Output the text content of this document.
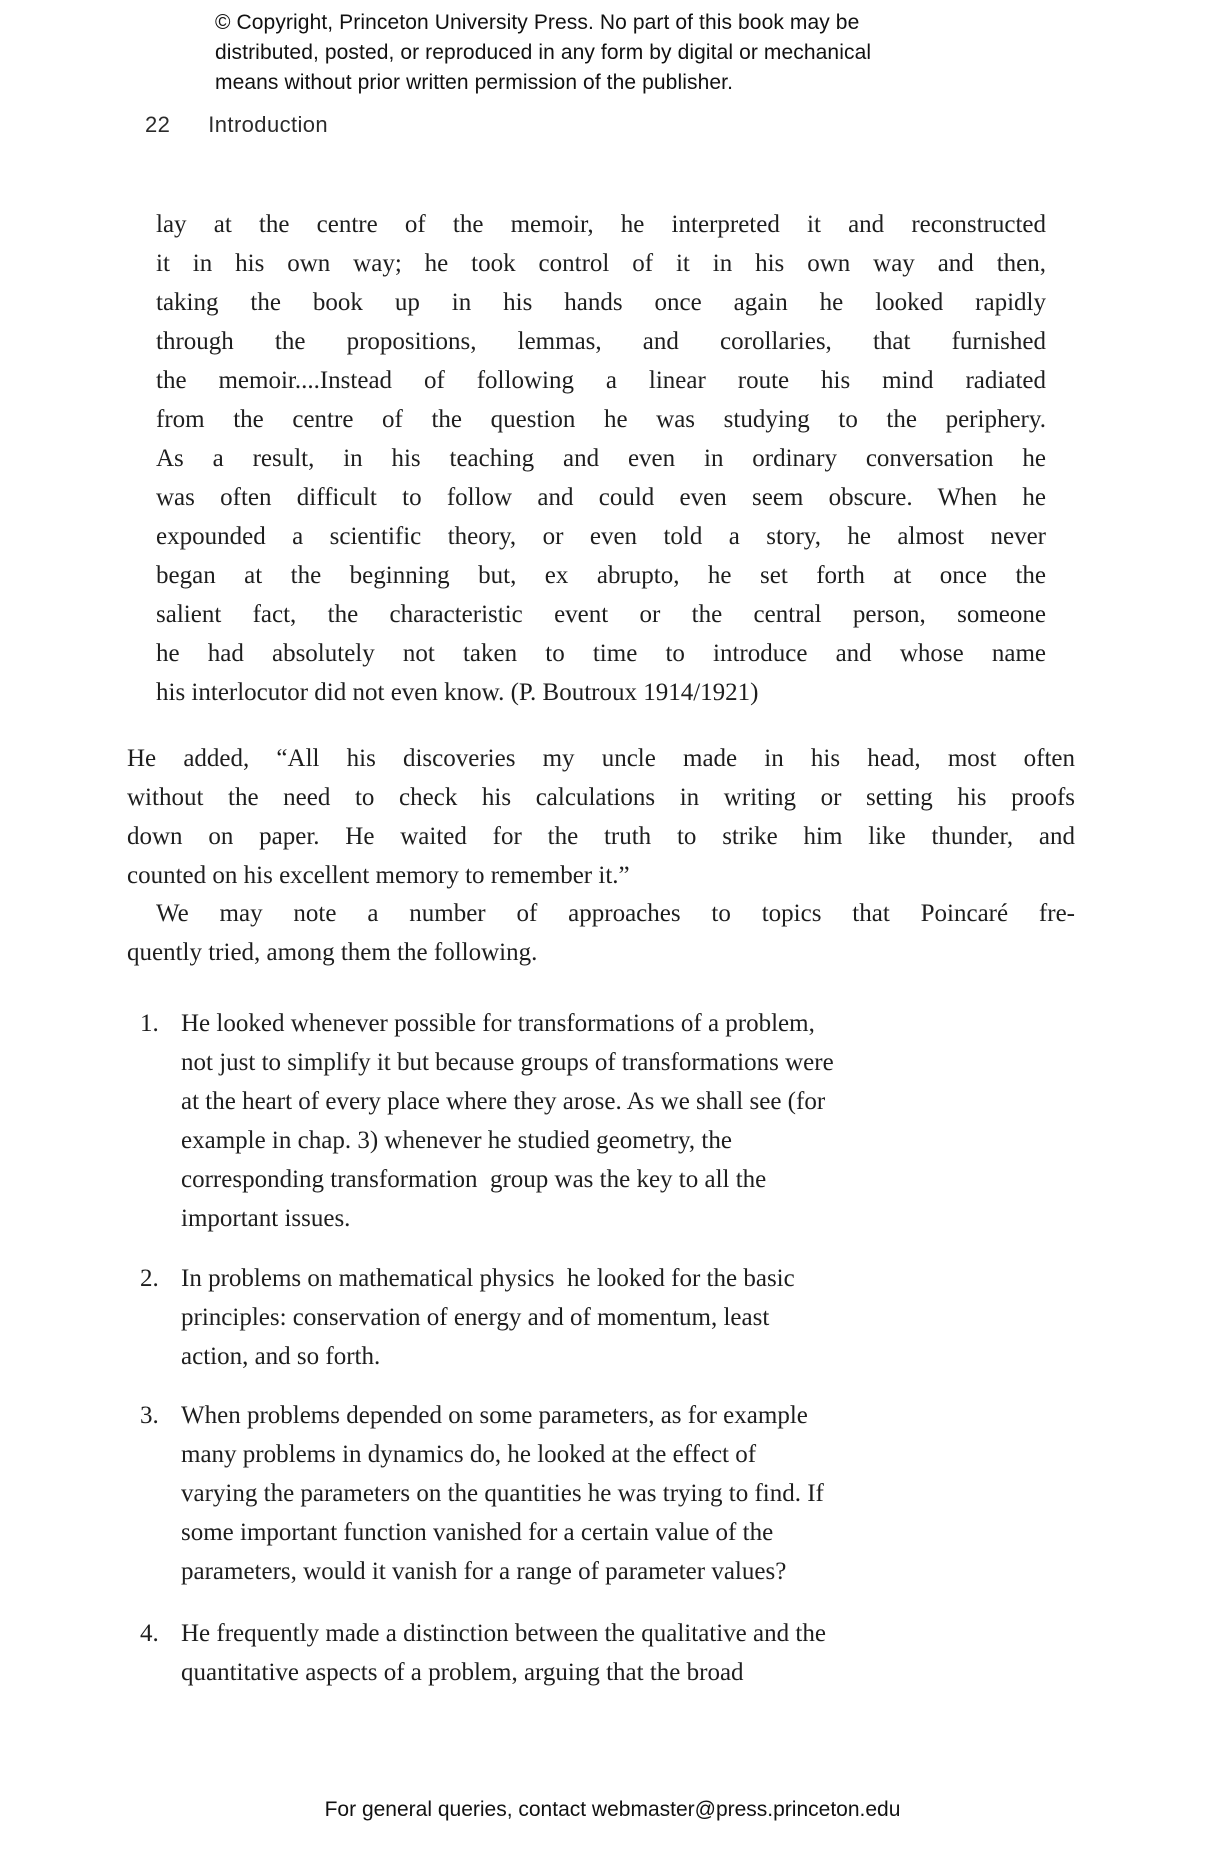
© Copyright, Princeton University Press. No part of this book may be
distributed, posted, or reproduced in any form by digital or mechanical
means without prior written permission of the publisher.
22 Introduction
lay at the centre of the memoir, he interpreted it and reconstructed
it in his own way; he took control of it in his own way and then,
taking the book up in his hands once again he looked rapidly
through the propositions, lemmas, and corollaries, that furnished
the memoir....Instead of following a linear route his mind radiated
from the centre of the question he was studying to the periphery.
As a result, in his teaching and even in ordinary conversation he
was often difficult to follow and could even seem obscure. When he
expounded a scientific theory, or even told a story, he almost never
began at the beginning but, ex abrupto, he set forth at once the
salient fact, the characteristic event or the central person, someone
he had absolutely not taken to time to introduce and whose name
his interlocutor did not even know. (P. Boutroux 1914/1921)
He added, “All his discoveries my uncle made in his head, most often
without the need to check his calculations in writing or setting his proofs
down on paper. He waited for the truth to strike him like thunder, and
counted on his excellent memory to remember it.”
We may note a number of approaches to topics that Poincaré fre-
quently tried, among them the following.
1. He looked whenever possible for transformations of a problem,
not just to simplify it but because groups of transformations were
at the heart of every place where they arose. As we shall see (for
example in chap. 3) whenever he studied geometry, the
corresponding transformation  group was the key to all the
important issues.
2. In problems on mathematical physics  he looked for the basic
principles: conservation of energy and of momentum, least
action, and so forth.
3. When problems depended on some parameters, as for example
many problems in dynamics do, he looked at the effect of
varying the parameters on the quantities he was trying to find. If
some important function vanished for a certain value of the
parameters, would it vanish for a range of parameter values?
4. He frequently made a distinction between the qualitative and the
quantitative aspects of a problem, arguing that the broad
For general queries, contact webmaster@press.princeton.edu
